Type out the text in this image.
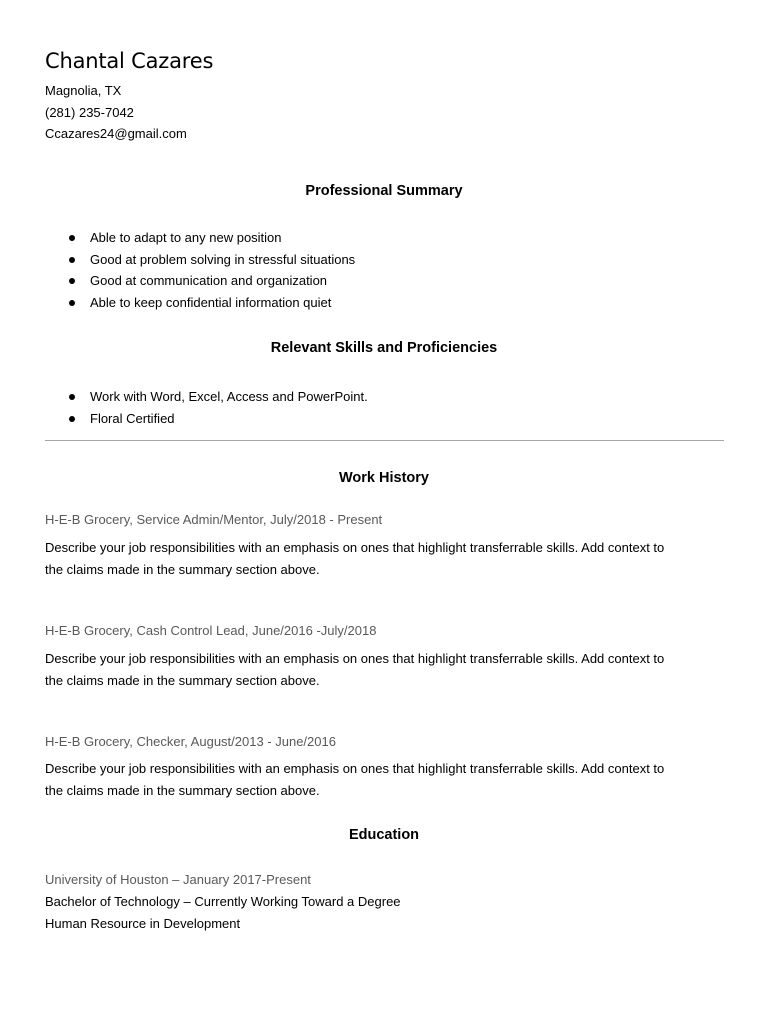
Chantal Cazares
Magnolia, TX
(281) 235-7042
Ccazares24@gmail.com
Professional Summary
Able to adapt to any new position
Good at problem solving in stressful situations
Good at communication and organization
Able to keep confidential information quiet
Relevant Skills and Proficiencies
Work with Word, Excel, Access and PowerPoint.
Floral Certified
Work History

H-E-B Grocery, Service Admin/Mentor, July/2018 - Present

Describe your job responsibilities with an emphasis on ones that highlight transferrable skills. Add context to
the claims made in the summary section above.

H-E-B Grocery, Cash Control Lead, June/2016 -July/2018

Describe your job responsibilities with an emphasis on ones that highlight transferrable skills. Add context to
the claims made in the summary section above.

H-E-B Grocery, Checker, August/2013 - June/2016

Describe your job responsibilities with an emphasis on ones that highlight transferrable skills. Add context to
the claims made in the summary section above.

Education

University of Houston – January 2017-Present

Bachelor of Technology – Currently Working Toward a Degree

Human Resource in Development
